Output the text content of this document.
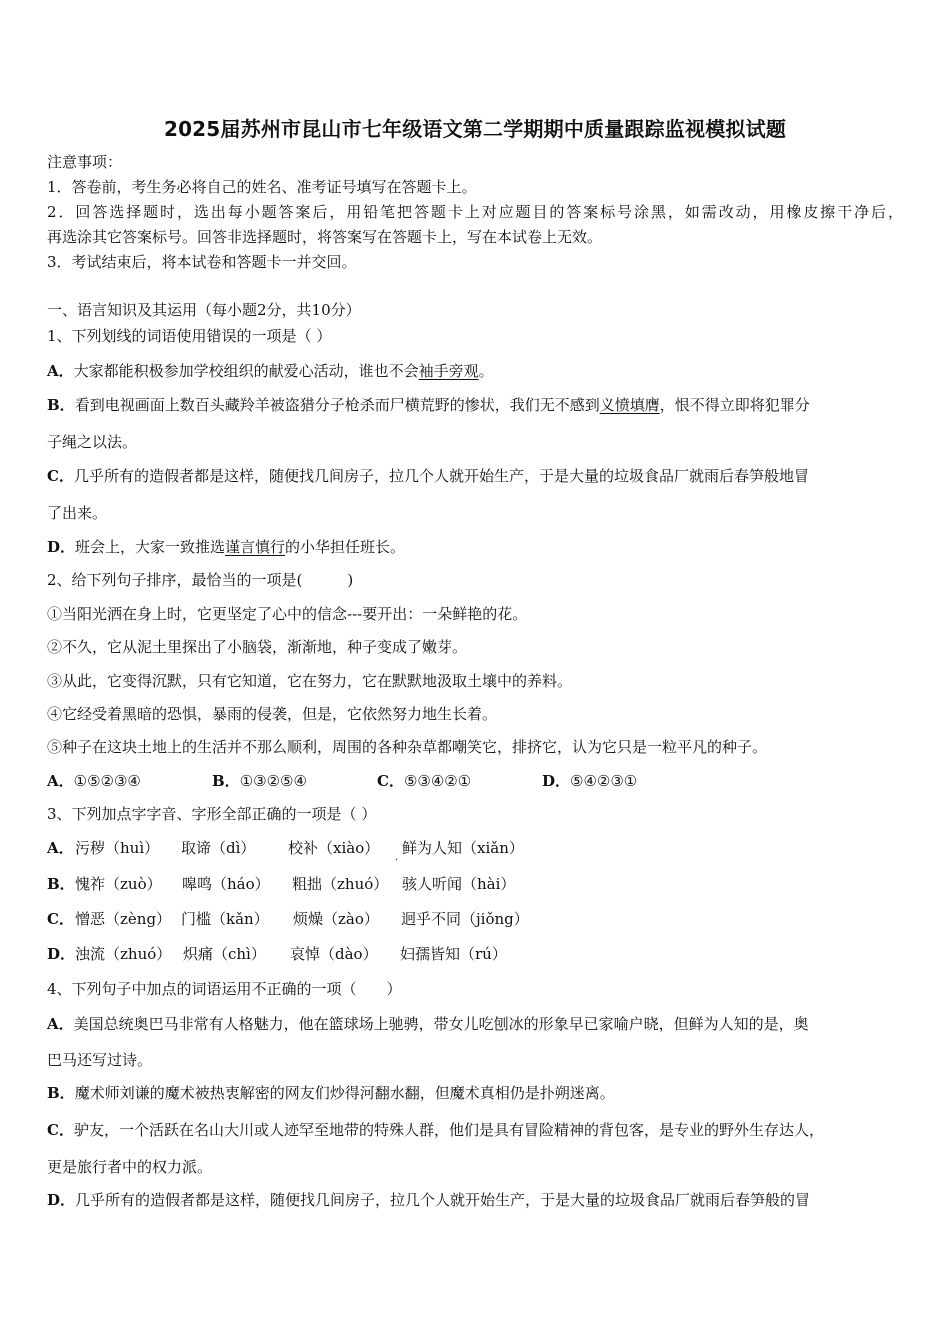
2025届苏州市昆山市七年级语文第二学期期中质量跟踪监视模拟试题
注意事项：
1．答卷前，考生务必将自己的姓名、准考证号填写在答题卡上。
2．回答选择题时，选出每小题答案后，用铅笔把答题卡上对应题目的答案标号涂黑，如需改动，用橡皮擦干净后，
再选涂其它答案标号。回答非选择题时，将答案写在答题卡上，写在本试卷上无效。
3．考试结束后，将本试卷和答题卡一并交回。
一、语言知识及其运用（每小题2分，共10分）
1、下列划线的词语使用错误的一项是（ ）
A．大家都能积极参加学校组织的献爱心活动，谁也不会袖手旁观。
B．看到电视画面上数百头藏羚羊被盗猎分子枪杀而尸横荒野的惨状，我们无不感到义愤填膺，恨不得立即将犯罪分
子绳之以法。
C．几乎所有的造假者都是这样，随便找几间房子，拉几个人就开始生产，于是大量的垃圾食品厂就雨后春笋般地冒
了出来。
D．班会上，大家一致推选谨言慎行的小华担任班长。
2、给下列句子排序，最恰当的一项是(　　　)
①当阳光洒在身上时，它更坚定了心中的信念---要开出：一朵鲜艳的花。
②不久，它从泥土里探出了小脑袋，渐渐地，种子变成了嫩芽。
③从此，它变得沉默，只有它知道，它在努力，它在默默地汲取土壤中的养料。
④它经受着黑暗的恐惧，暴雨的侵袭，但是，它依然努力地生长着。
⑤种子在这块土地上的生活并不那么顺利，周围的各种杂草都嘲笑它，排挤它，认为它只是一粒平凡的种子。
A．①⑤②③④	B．①③②⑤④	C．⑤③④②①	D．⑤④②③①
3、下列加点字字音、字形全部正确的一项是（ ）
A．污秽（huì） 取谛（dì） 校补（xiào） 鲜为人知（xiǎn）
.
B．愧祚（zuò） 嗥鸣（háo） 粗拙（zhuó） 骇人听闻（hài）
C．憎恶（zèng） 门槛（kǎn） 烦燥（zào） 迥乎不同（jiǒng）
D．浊流（zhuó） 炽痛（chì） 哀悼（dào） 妇孺皆知（rú）
4、下列句子中加点的词语运用不正确的一项（　　）
A．美国总统奥巴马非常有人格魅力，他在篮球场上驰骋，带女儿吃刨冰的形象早已家喻户晓，但鲜为人知的是，奥
巴马还写过诗。
B．魔术师刘谦的魔术被热衷解密的网友们炒得河翻水翻，但魔术真相仍是扑朔迷离。
C．驴友，一个活跃在名山大川或人迹罕至地带的特殊人群，他们是具有冒险精神的背包客，是专业的野外生存达人，
更是旅行者中的权力派。
D．几乎所有的造假者都是这样，随便找几间房子，拉几个人就开始生产，于是大量的垃圾食品厂就雨后春笋般的冒
